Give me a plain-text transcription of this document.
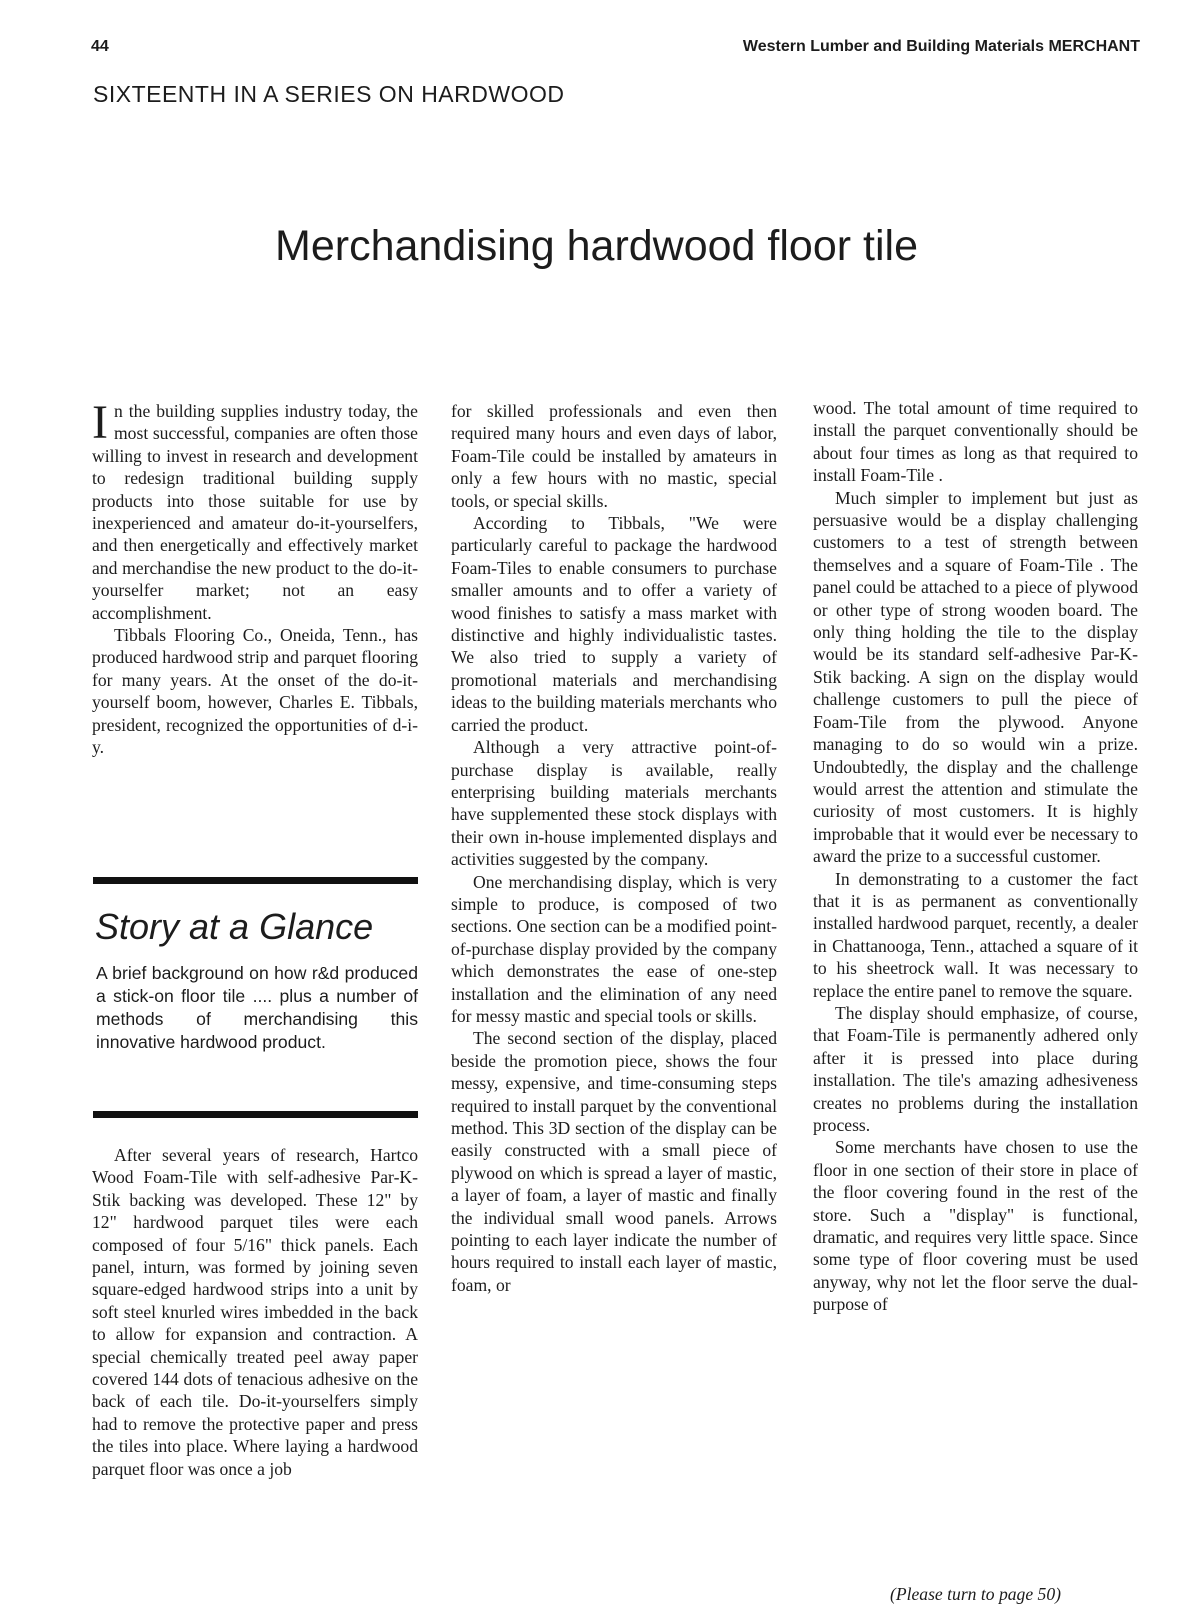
44	Western Lumber and Building Materials MERCHANT
SIXTEENTH IN A SERIES ON HARDWOOD
Merchandising hardwood floor tile

In the building supplies industry today, the most successful, companies are often those willing to invest in research and development to redesign traditional building supply products into those suitable for use by inexperienced and amateur do-it-yourselfers, and then energetically and effectively market and merchandise the new product to the do-it-yourselfer market; not an easy accomplishment.

Tibbals Flooring Co., Oneida, Tenn., has produced hardwood strip and parquet flooring for many years. At the onset of the do-it-yourself boom, however, Charles E. Tibbals, president, recognized the opportunities of d-i-y.

Story at a Glance
A brief background on how r&d produced a stick-on floor tile .... plus a number of methods of merchandising this innovative hardwood product.

After several years of research, Hartco Wood Foam-Tile with self-adhesive Par-K-Stik backing was developed. These 12" by 12" hardwood parquet tiles were each composed of four 5/16" thick panels. Each panel, inturn, was formed by joining seven square-edged hardwood strips into a unit by soft steel knurled wires imbedded in the back to allow for expansion and contraction. A special chemically treated peel away paper covered 144 dots of tenacious adhesive on the back of each tile. Do-it-yourselfers simply had to remove the protective paper and press the tiles into place. Where laying a hardwood parquet floor was once a job

for skilled professionals and even then required many hours and even days of labor, Foam-Tile could be installed by amateurs in only a few hours with no mastic, special tools, or special skills.

According to Tibbals, "We were particularly careful to package the hardwood Foam-Tiles to enable consumers to purchase smaller amounts and to offer a variety of wood finishes to satisfy a mass market with distinctive and highly individualistic tastes. We also tried to supply a variety of promotional materials and merchandising ideas to the building materials merchants who carried the product.

Although a very attractive point-of-purchase display is available, really enterprising building materials merchants have supplemented these stock displays with their own in-house implemented displays and activities suggested by the company.

One merchandising display, which is very simple to produce, is composed of two sections. One section can be a modified point-of-purchase display provided by the company which demonstrates the ease of one-step installation and the elimination of any need for messy mastic and special tools or skills.

The second section of the display, placed beside the promotion piece, shows the four messy, expensive, and time-consuming steps required to install parquet by the conventional method. This 3D section of the display can be easily constructed with a small piece of plywood on which is spread a layer of mastic, a layer of foam, a layer of mastic and finally the individual small wood panels. Arrows pointing to each layer indicate the number of hours required to install each layer of mastic, foam, or

wood. The total amount of time required to install the parquet conventionally should be about four times as long as that required to install Foam-Tile .

Much simpler to implement but just as persuasive would be a display challenging customers to a test of strength between themselves and a square of Foam-Tile . The panel could be attached to a piece of plywood or other type of strong wooden board. The only thing holding the tile to the display would be its standard self-adhesive Par-K-Stik backing. A sign on the display would challenge customers to pull the piece of Foam-Tile from the plywood. Anyone managing to do so would win a prize. Undoubtedly, the display and the challenge would arrest the attention and stimulate the curiosity of most customers. It is highly improbable that it would ever be necessary to award the prize to a successful customer.

In demonstrating to a customer the fact that it is as permanent as conventionally installed hardwood parquet, recently, a dealer in Chattanooga, Tenn., attached a square of it to his sheetrock wall. It was necessary to replace the entire panel to remove the square.

The display should emphasize, of course, that Foam-Tile is permanently adhered only after it is pressed into place during installation. The tile's amazing adhesiveness creates no problems during the installation process.

Some merchants have chosen to use the floor in one section of their store in place of the floor covering found in the rest of the store. Such a "display" is functional, dramatic, and requires very little space. Since some type of floor covering must be used anyway, why not let the floor serve the dual-purpose of

(Please turn to page 50)
